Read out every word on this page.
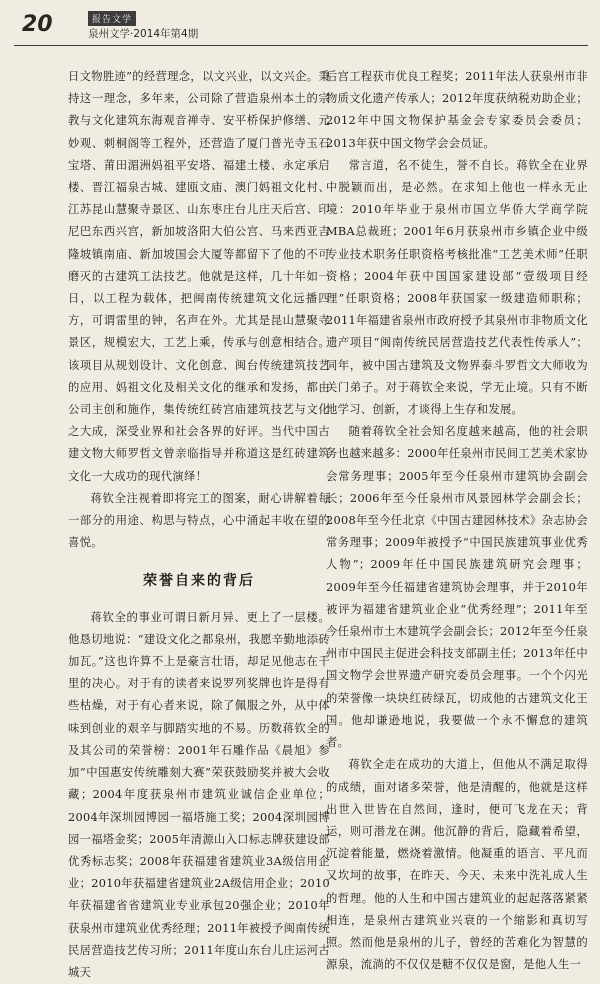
20	报告文学
泉州文学·2014年第4期

日文物胜迹”的经营理念，以文兴业，以文兴企。秉持这一理念，多年来，公司除了营造泉州本土的宗教与文化建筑东海观音禅寺、安平桥保护修缮、元妙观、刺桐阁等工程外，还营造了厦门普光寺玉石宝塔、莆田湄洲妈祖平安塔、福建土楼、永定承启楼、晋江福泉古城、建瓯文庙、澳门妈祖文化村、江苏昆山慧聚寺景区、山东枣庄台儿庄天后宫、印尼巴东西兴宫，新加坡洛阳大伯公宫、马来西亚吉隆坡镇南庙、新加坡国会大厦等都留下了他的不可磨灭的古建筑工法技艺。他就是这样，几十年如一日，以工程为载体，把闽南传统建筑文化远播四方，可谓雷里的钟，名声在外。尤其是昆山慧聚寺景区，规模宏大，工艺上乘，传承与创意相结合。该项目从规划设计、文化创意、闽台传统建筑技艺的应用、妈祖文化及相关文化的继承和发扬，都由公司主创和施作，集传统红砖宫庙建筑技艺与文化之大成，深受业界和社会各界的好评。当代中国古建文物大师罗哲文曾亲临指导并称道这是红砖建筑文化一大成功的现代演绎！

蒋钦全注视着即将完工的图案，耐心讲解着每一部分的用途、构思与特点，心中涌起丰收在望的喜悦。

荣誉自来的背后

蒋钦全的事业可谓日新月异、更上了一层楼。他恳切地说：“建设文化之都泉州，我愿辛勤地添砖加瓦。”这也许算不上是豪言壮语，却足见他志在千里的决心。对于有的读者来说罗列奖牌也许是得有些枯燥，对于有心者来说，除了佩服之外，从中体味到创业的艰辛与脚踏实地的不易。历数蒋钦全的及其公司的荣誉榜：2001年石雕作品《晨旭》参加“中国惠安传统雕刻大赛”荣获鼓励奖并被大会收藏；2004年度获泉州市建筑业诚信企业单位；2004年深圳园博园一福塔施工奖；2004深圳园博园一福塔金奖；2005年清源山入口标志牌获建设部优秀标志奖；2008年获福建省建筑业3A级信用企业；2010年获福建省建筑业2A级信用企业；2010年获福建省省建筑业专业承包20强企业；2010年获泉州市建筑业优秀经理；2011年被授予闽南传统民居营造技艺传习所；2011年度山东台儿庄运河古城天

后宫工程获市优良工程奖；2011年法人获泉州市非物质文化遗产传承人；2012年度获纳税劝助企业；2012年中国文物保护基金会专家委员会委员；2013年获中国文物学会会员证。

常言道，名不徒生，誉不自长。蒋钦全在业界中脱颖而出，是必然。在求知上他也一样永无止境：2010年毕业于泉州市国立华侨大学商学院MBA总裁班；2001年6月获泉州市乡镇企业中级专业技术职务任职资格考核批准“工艺美术师”任职资格；2004年获中国国家建设部“壹级项目经理”任职资格；2008年获国家一级建造师职称；2011年福建省泉州市政府授予其泉州市非物质文化遗产项目“闽南传统民居营造技艺代表性传承人”；同年，被中国古建筑及文物界泰斗罗哲文大师收为关门弟子。对于蒋钦全来说，学无止境。只有不断地学习、创新，才谈得上生存和发展。

随着蒋钦全社会知名度越来越高，他的社会职务也越来越多：2000年任泉州市民间工艺美术家协会常务理事；2005年至今任泉州市建筑协会副会长；2006年至今任泉州市风景园林学会副会长；2008年至今任北京《中国古建园林技术》杂志协会常务理事；2009年被授予“中国民族建筑事业优秀人物”；2009年任中国民族建筑研究会理事；2009年至今任福建省建筑协会理事，并于2010年被评为福建省建筑业企业“优秀经理”；2011年至今任泉州市土木建筑学会副会长；2012年至今任泉州市中国民主促进会科技支部副主任；2013年任中国文物学会世界遗产研究委员会理事。一个个闪光的荣誉像一块块红砖绿瓦，切成他的古建筑文化王国。他却谦逊地说，我要做一个永不懈怠的建筑者。

蒋钦全走在成功的大道上，但他从不满足取得的成绩，面对诸多荣誉，他是清醒的，他就是这样出世入世皆在自然间，逢时，便可飞龙在天；背运，则可潜龙在渊。他沉静的背后，隐藏着希望，沉淀着能量，燃烧着激情。他凝重的语言、平凡而又坎坷的故事，在昨天、今天、未来中洗礼成人生的哲理。他的人生和中国古建筑业的起起落落紧紧相连，是泉州古建筑业兴衰的一个缩影和真切写照。然而他是泉州的儿子，曾经的苦难化为智慧的源泉，流淌的不仅仅是糖不仅仅是窗，是他人生一
